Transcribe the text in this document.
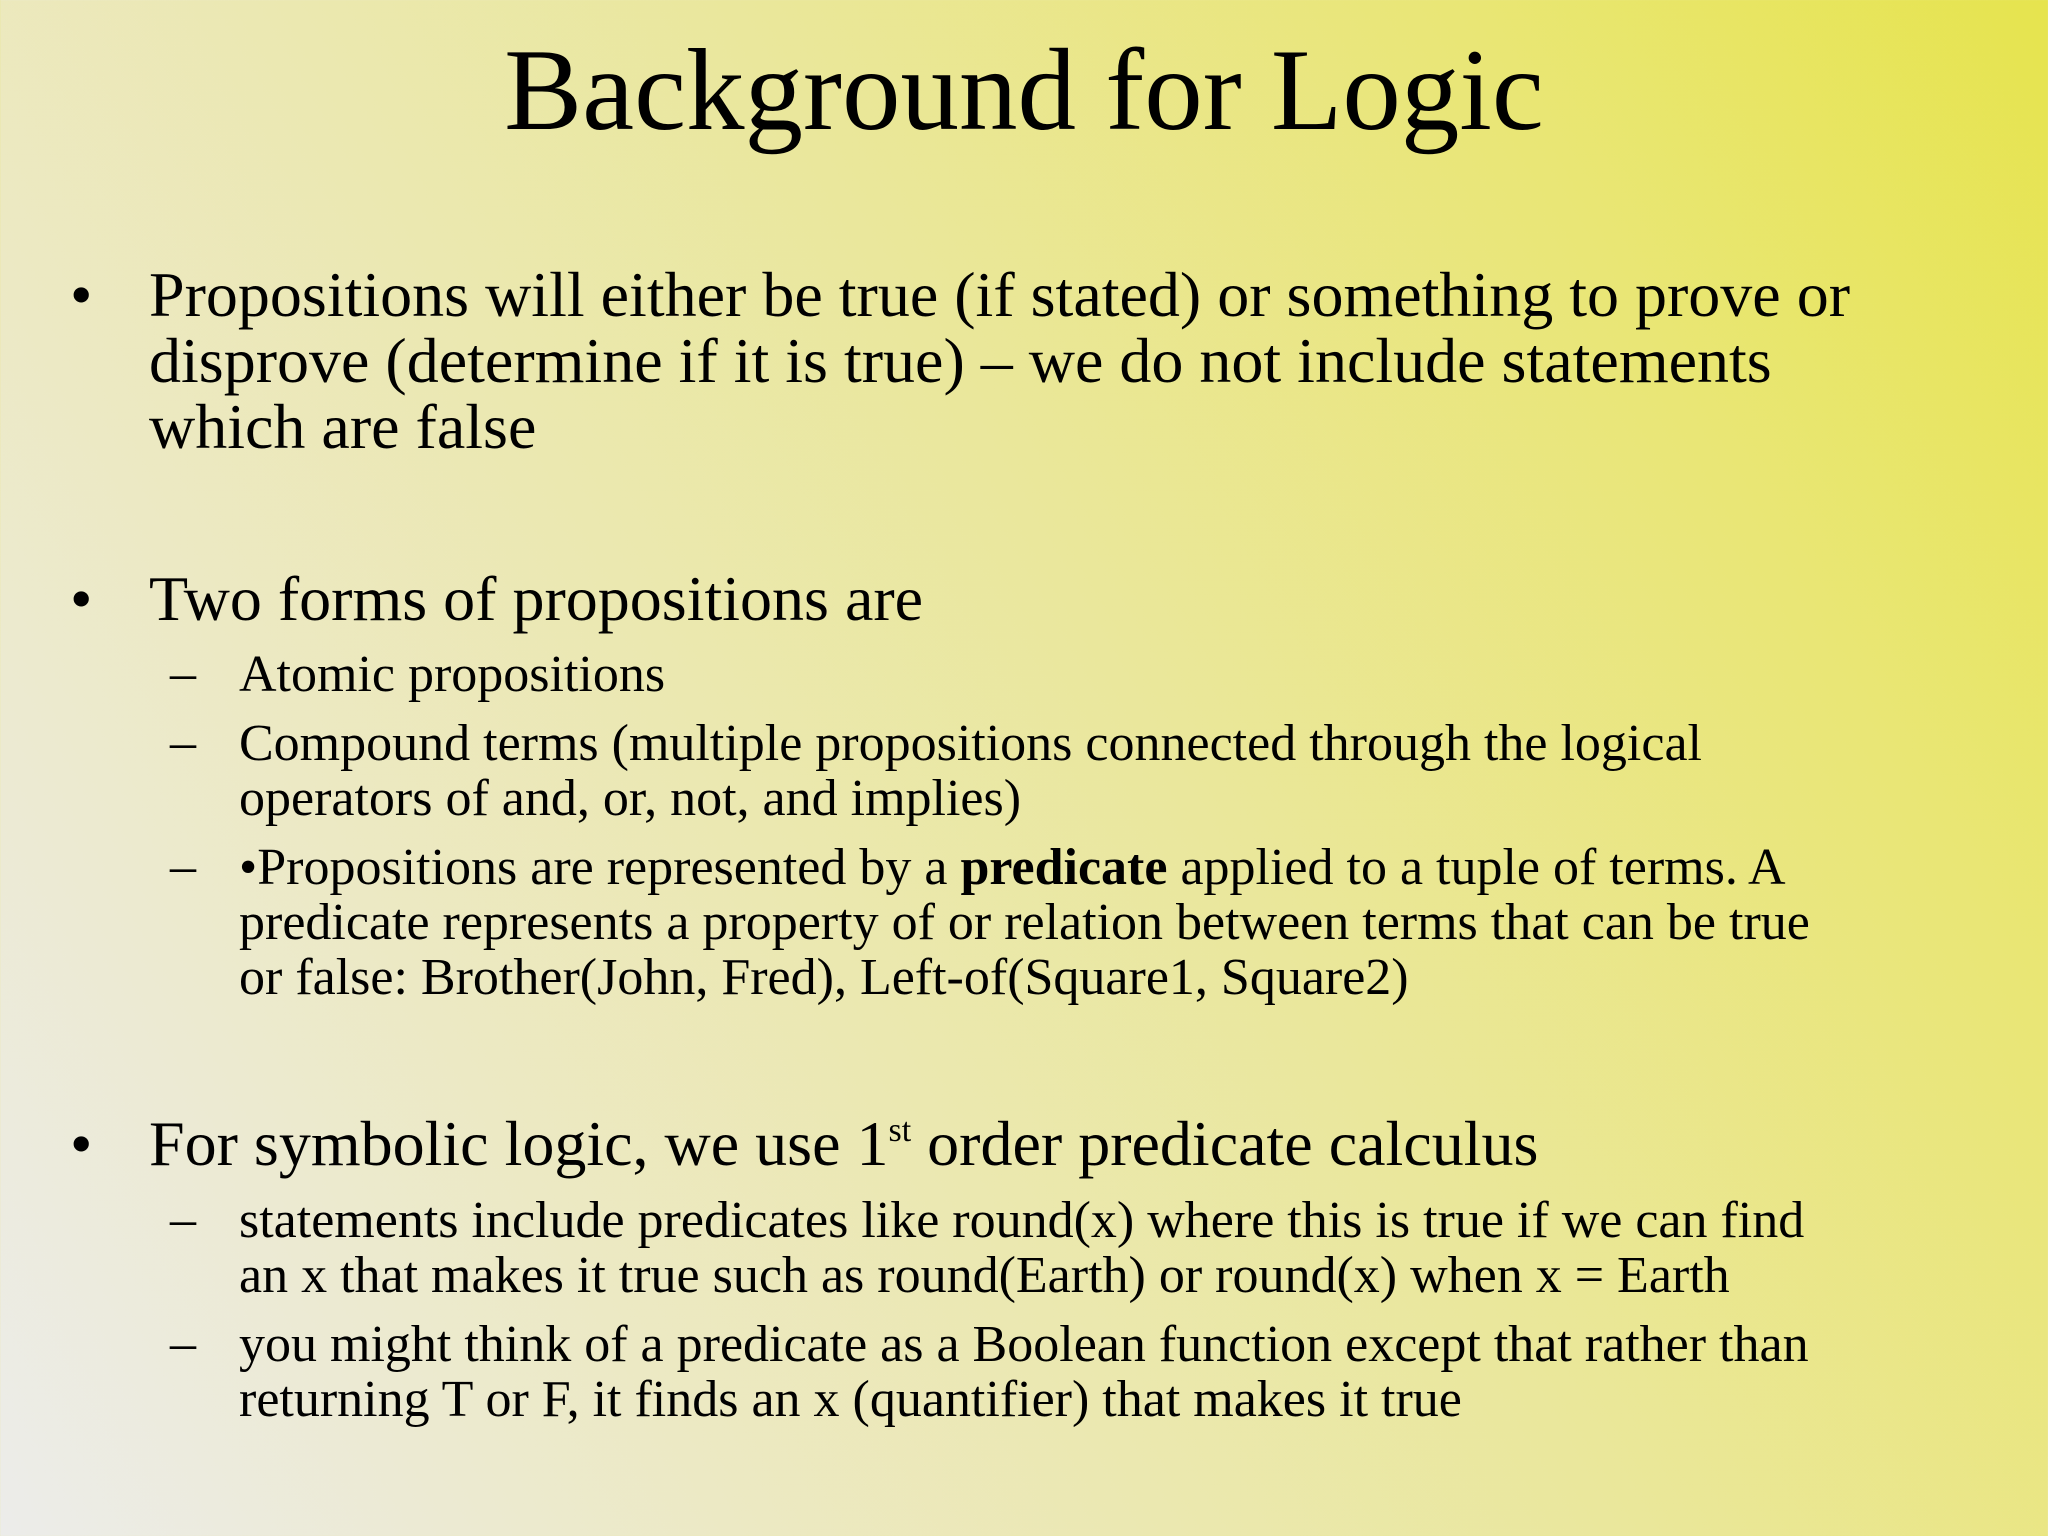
Background for Logic
• Propositions will either be true (if stated) or something to prove or
disprove (determine if it is true) – we do not include statements
which are false
• Two forms of propositions are
– Atomic propositions
– Compound terms (multiple propositions connected through the logical
operators of and, or, not, and implies)
– •Propositions are represented by a predicate applied to a tuple of terms. A
predicate represents a property of or relation between terms that can be true
or false: Brother(John, Fred), Left-of(Square1, Square2)
• For symbolic logic, we use 1st order predicate calculus
– statements include predicates like round(x) where this is true if we can find
an x that makes it true such as round(Earth) or round(x) when x = Earth
– you might think of a predicate as a Boolean function except that rather than
returning T or F, it finds an x (quantifier) that makes it true
